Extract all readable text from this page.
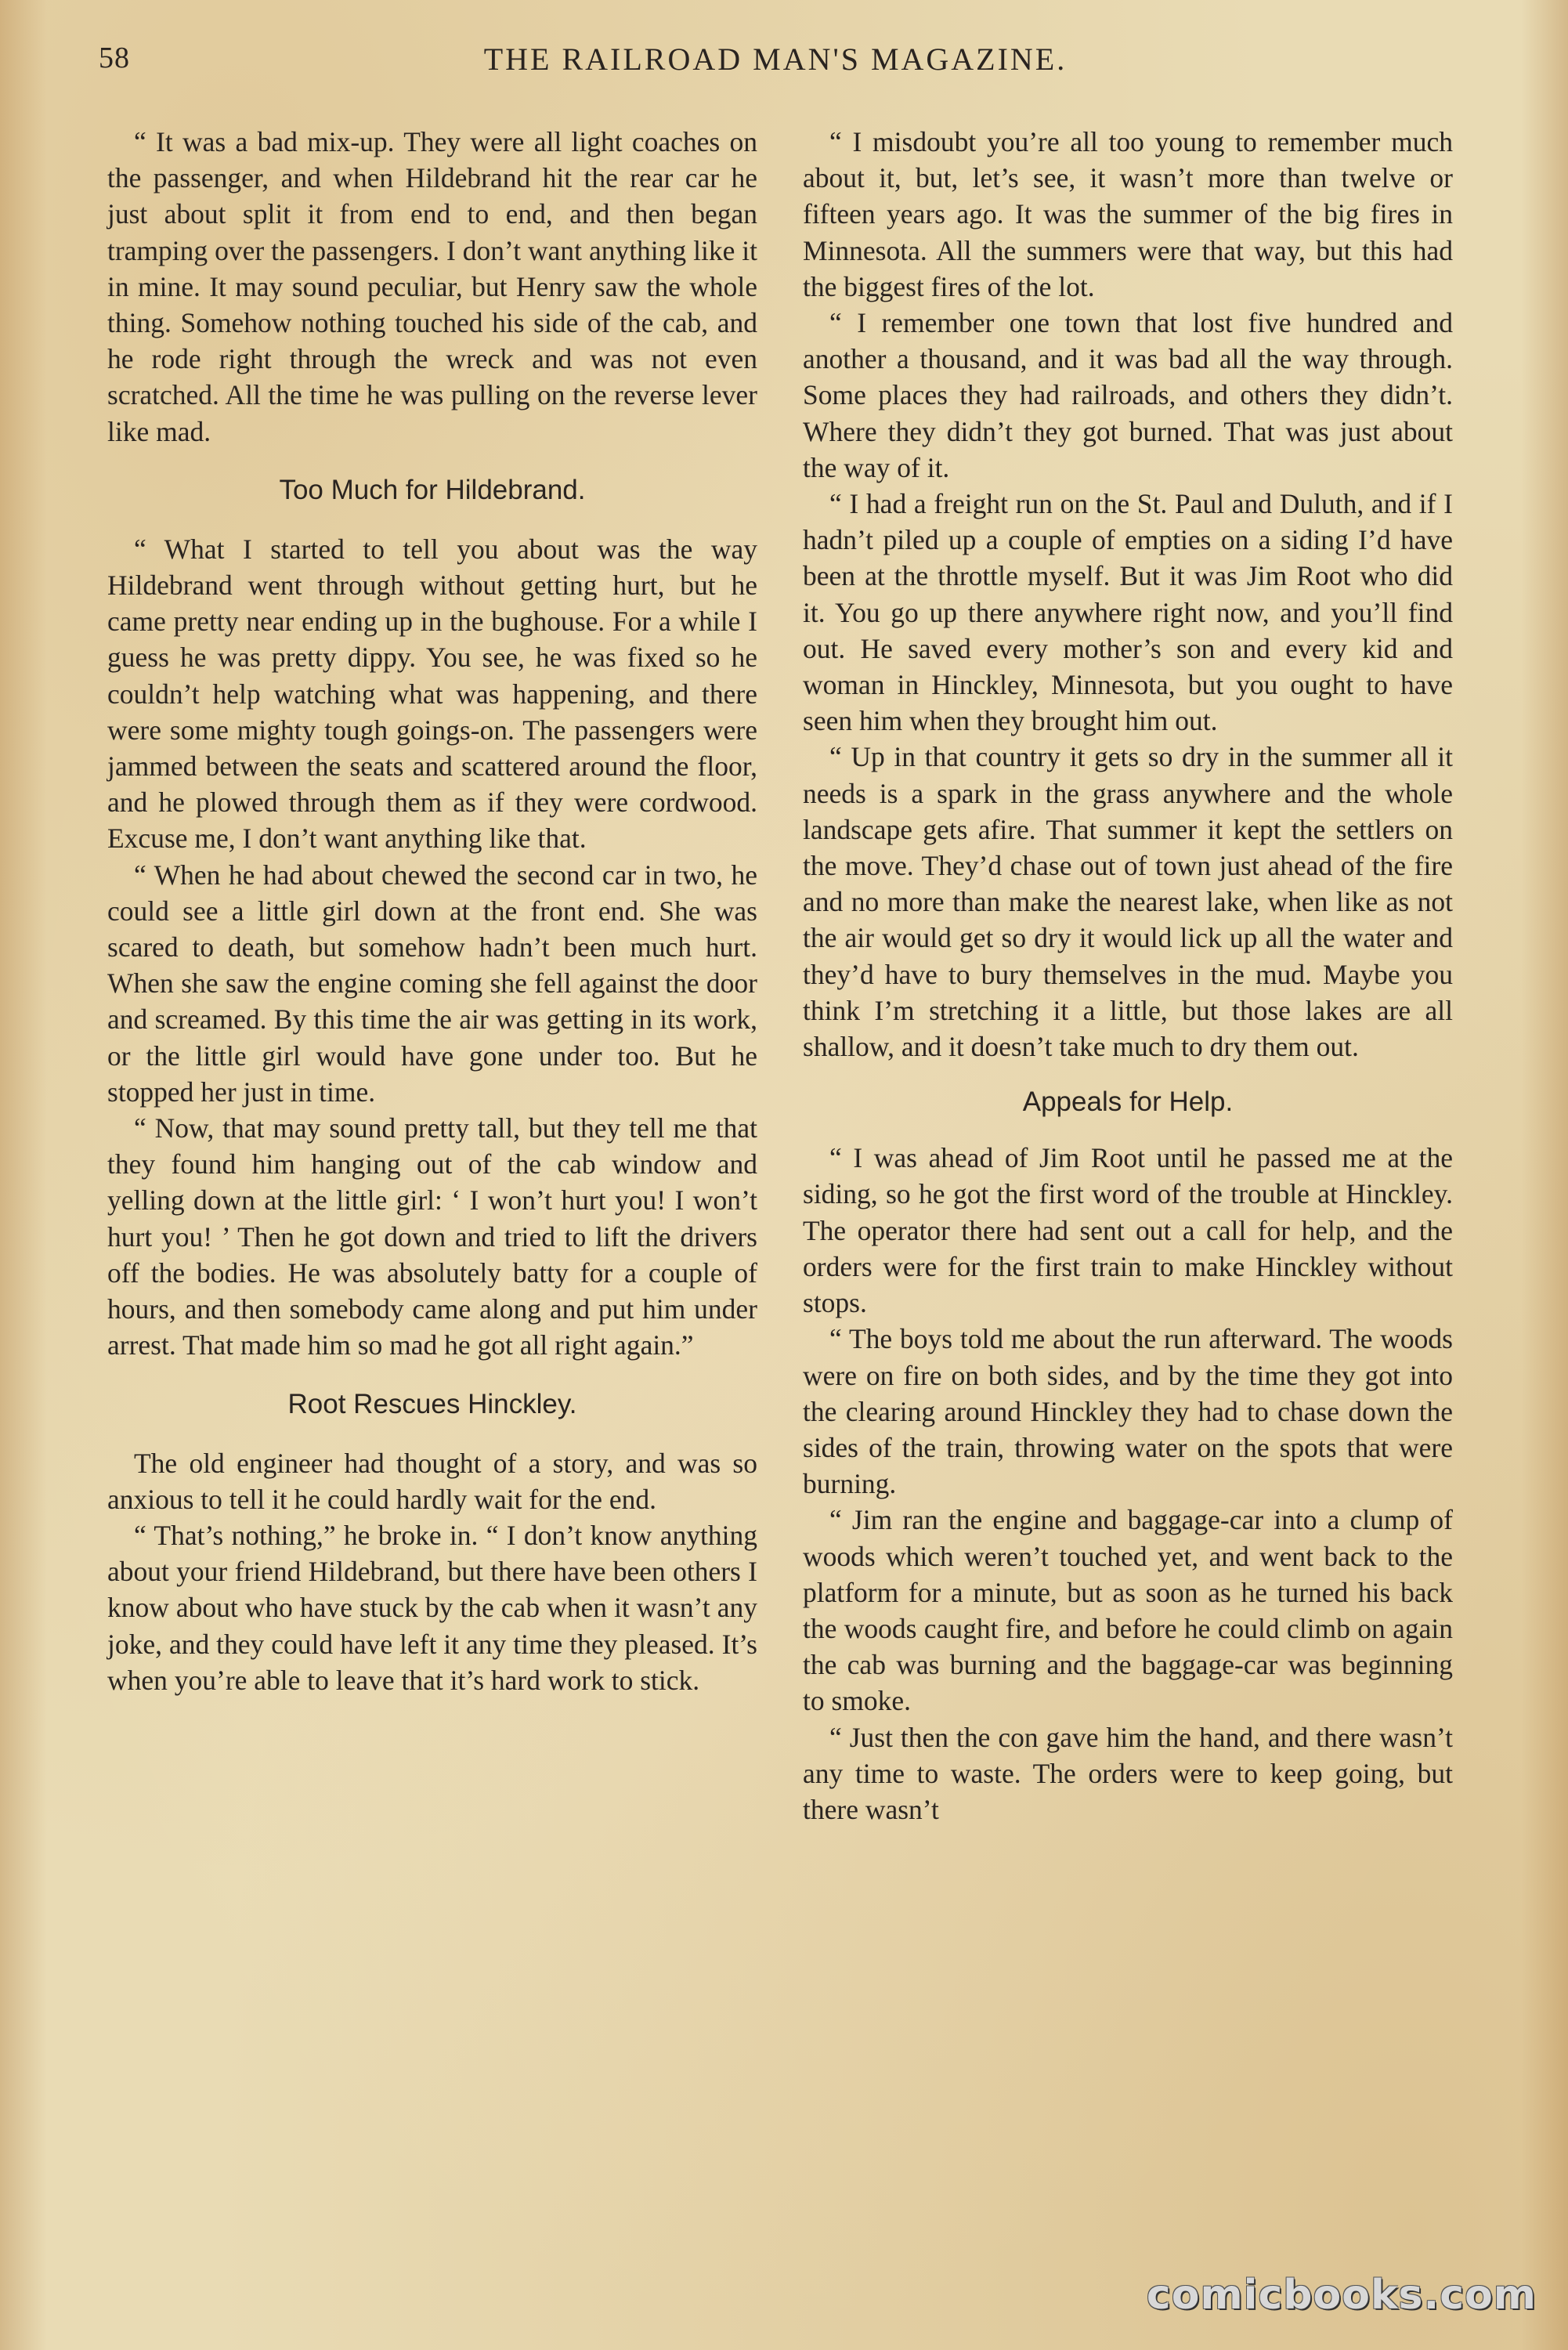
58	THE RAILROAD MAN'S MAGAZINE.

“ It was a bad mix-up. They were all light coaches on the passenger, and when Hildebrand hit the rear car he just about split it from end to end, and then began tramping over the passengers. I don’t want anything like it in mine. It may sound peculiar, but Henry saw the whole thing. Somehow nothing touched his side of the cab, and he rode right through the wreck and was not even scratched. All the time he was pulling on the reverse lever like mad.

Too Much for Hildebrand.

“ What I started to tell you about was the way Hildebrand went through without getting hurt, but he came pretty near ending up in the bughouse. For a while I guess he was pretty dippy. You see, he was fixed so he couldn’t help watching what was happening, and there were some mighty tough goings-on. The passengers were jammed between the seats and scattered around the floor, and he plowed through them as if they were cordwood. Excuse me, I don’t want anything like that.

“ When he had about chewed the second car in two, he could see a little girl down at the front end. She was scared to death, but somehow hadn’t been much hurt. When she saw the engine coming she fell against the door and screamed. By this time the air was getting in its work, or the little girl would have gone under too. But he stopped her just in time.

“ Now, that may sound pretty tall, but they tell me that they found him hanging out of the cab window and yelling down at the little girl: ‘ I won’t hurt you! I won’t hurt you! ’ Then he got down and tried to lift the drivers off the bodies. He was absolutely batty for a couple of hours, and then somebody came along and put him under arrest. That made him so mad he got all right again.”

Root Rescues Hinckley.

The old engineer had thought of a story, and was so anxious to tell it he could hardly wait for the end.

“ That’s nothing,” he broke in. “ I don’t know anything about your friend Hildebrand, but there have been others I know about who have stuck by the cab when it wasn’t any joke, and they could have left it any time they pleased. It’s when you’re able to leave that it’s hard work to stick.

“ I misdoubt you’re all too young to remember much about it, but, let’s see, it wasn’t more than twelve or fifteen years ago. It was the summer of the big fires in Minnesota. All the summers were that way, but this had the biggest fires of the lot.

“ I remember one town that lost five hundred and another a thousand, and it was bad all the way through. Some places they had railroads, and others they didn’t. Where they didn’t they got burned. That was just about the way of it.

“ I had a freight run on the St. Paul and Duluth, and if I hadn’t piled up a couple of empties on a siding I’d have been at the throttle myself. But it was Jim Root who did it. You go up there anywhere right now, and you’ll find out. He saved every mother’s son and every kid and woman in Hinckley, Minnesota, but you ought to have seen him when they brought him out.

“ Up in that country it gets so dry in the summer all it needs is a spark in the grass anywhere and the whole landscape gets afire. That summer it kept the settlers on the move. They’d chase out of town just ahead of the fire and no more than make the nearest lake, when like as not the air would get so dry it would lick up all the water and they’d have to bury themselves in the mud. Maybe you think I’m stretching it a little, but those lakes are all shallow, and it doesn’t take much to dry them out.

Appeals for Help.

“ I was ahead of Jim Root until he passed me at the siding, so he got the first word of the trouble at Hinckley. The operator there had sent out a call for help, and the orders were for the first train to make Hinckley without stops.

“ The boys told me about the run afterward. The woods were on fire on both sides, and by the time they got into the clearing around Hinckley they had to chase down the sides of the train, throwing water on the spots that were burning.

“ Jim ran the engine and baggage-car into a clump of woods which weren’t touched yet, and went back to the platform for a minute, but as soon as he turned his back the woods caught fire, and before he could climb on again the cab was burning and the baggage-car was beginning to smoke.

“ Just then the con gave him the hand, and there wasn’t any time to waste. The orders were to keep going, but there wasn’t

comicbooks.com
